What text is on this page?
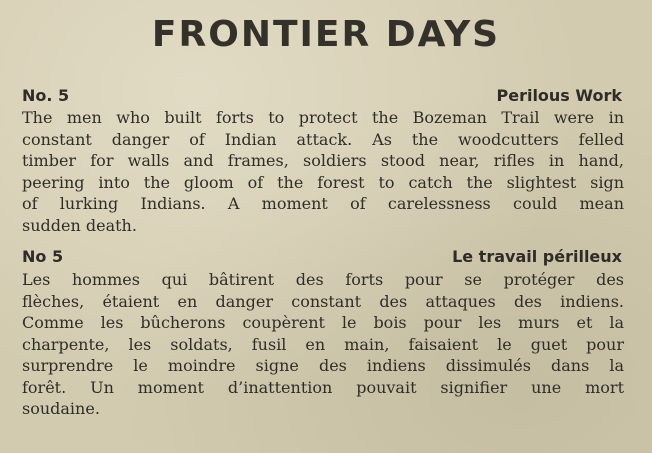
FRONTIER DAYS
No. 5	Perilous Work
The men who built forts to protect the Bozeman Trail were in
constant danger of Indian attack. As the woodcutters felled
timber for walls and frames, soldiers stood near, rifles in hand,
peering into the gloom of the forest to catch the slightest sign
of lurking Indians. A moment of carelessness could mean
sudden death.
No 5	Le travail périlleux
Les hommes qui bâtirent des forts pour se protéger des
flèches, étaient en danger constant des attaques des indiens.
Comme les bûcherons coupèrent le bois pour les murs et la
charpente, les soldats, fusil en main, faisaient le guet pour
surprendre le moindre signe des indiens dissimulés dans la
forêt. Un moment d’inattention pouvait signifier une mort
soudaine.
